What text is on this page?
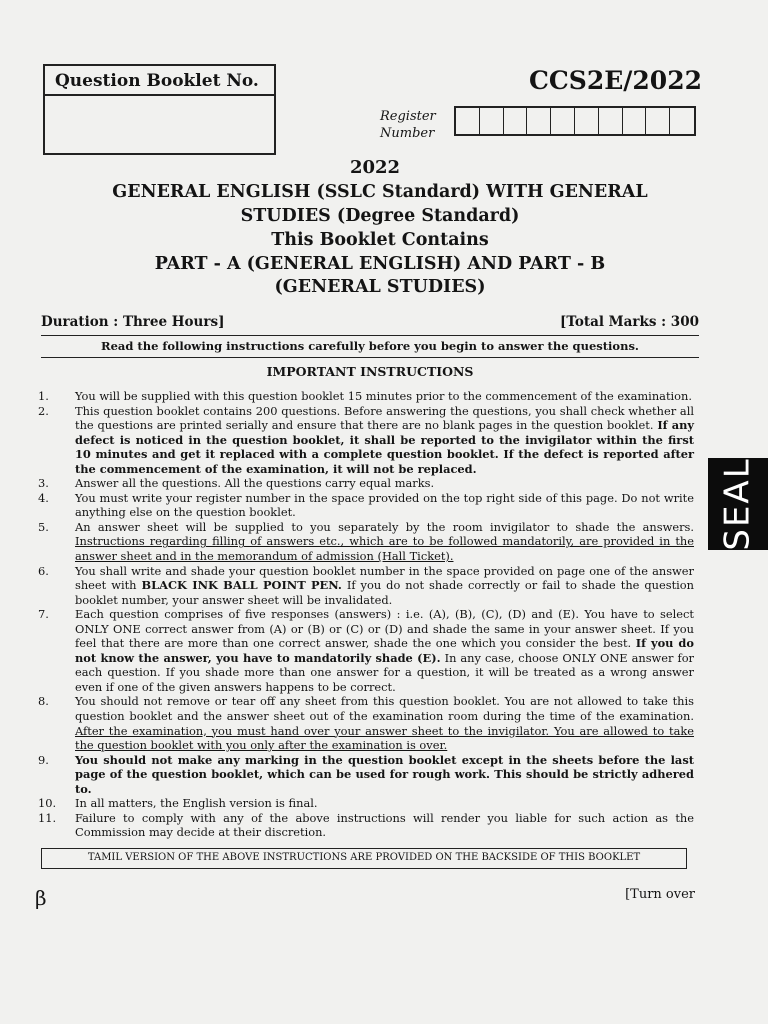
Question Booklet No.	CCS2E/2022
Register
Number
2022
GENERAL ENGLISH (SSLC Standard) WITH GENERAL
STUDIES (Degree Standard)
This Booklet Contains
PART - A (GENERAL ENGLISH) AND PART - B
(GENERAL STUDIES)
Duration : Three Hours]	[Total Marks : 300
Read the following instructions carefully before you begin to answer the questions.
IMPORTANT INSTRUCTIONS
1.	You will be supplied with this question booklet 15 minutes prior to the commencement of the examination.
2.	This question booklet contains 200 questions. Before answering the questions, you shall check whether all the questions are printed serially and ensure that there are no blank pages in the question booklet. If any defect is noticed in the question booklet, it shall be reported to the invigilator within the first 10 minutes and get it replaced with a complete question booklet. If the defect is reported after the commencement of the examination, it will not be replaced.
3.	Answer all the questions. All the questions carry equal marks.
4.	You must write your register number in the space provided on the top right side of this page. Do not write anything else on the question booklet.
5.	An answer sheet will be supplied to you separately by the room invigilator to shade the answers. Instructions regarding filling of answers etc., which are to be followed mandatorily, are provided in the answer sheet and in the memorandum of admission (Hall Ticket).
6.	You shall write and shade your question booklet number in the space provided on page one of the answer sheet with BLACK INK BALL POINT PEN. If you do not shade correctly or fail to shade the question booklet number, your answer sheet will be invalidated.
7.	Each question comprises of five responses (answers) : i.e. (A), (B), (C), (D) and (E). You have to select ONLY ONE correct answer from (A) or (B) or (C) or (D) and shade the same in your answer sheet. If you feel that there are more than one correct answer, shade the one which you consider the best. If you do not know the answer, you have to mandatorily shade (E). In any case, choose ONLY ONE answer for each question. If you shade more than one answer for a question, it will be treated as a wrong answer even if one of the given answers happens to be correct.
8.	You should not remove or tear off any sheet from this question booklet. You are not allowed to take this question booklet and the answer sheet out of the examination room during the time of the examination. After the examination, you must hand over your answer sheet to the invigilator. You are allowed to take the question booklet with you only after the examination is over.
9.	You should not make any marking in the question booklet except in the sheets before the last page of the question booklet, which can be used for rough work. This should be strictly adhered to.
10.	In all matters, the English version is final.
11.	Failure to comply with any of the above instructions will render you liable for such action as the Commission may decide at their discretion.
TAMIL VERSION OF THE ABOVE INSTRUCTIONS ARE PROVIDED ON THE BACKSIDE OF THIS BOOKLET
β	[Turn over
SEAL
